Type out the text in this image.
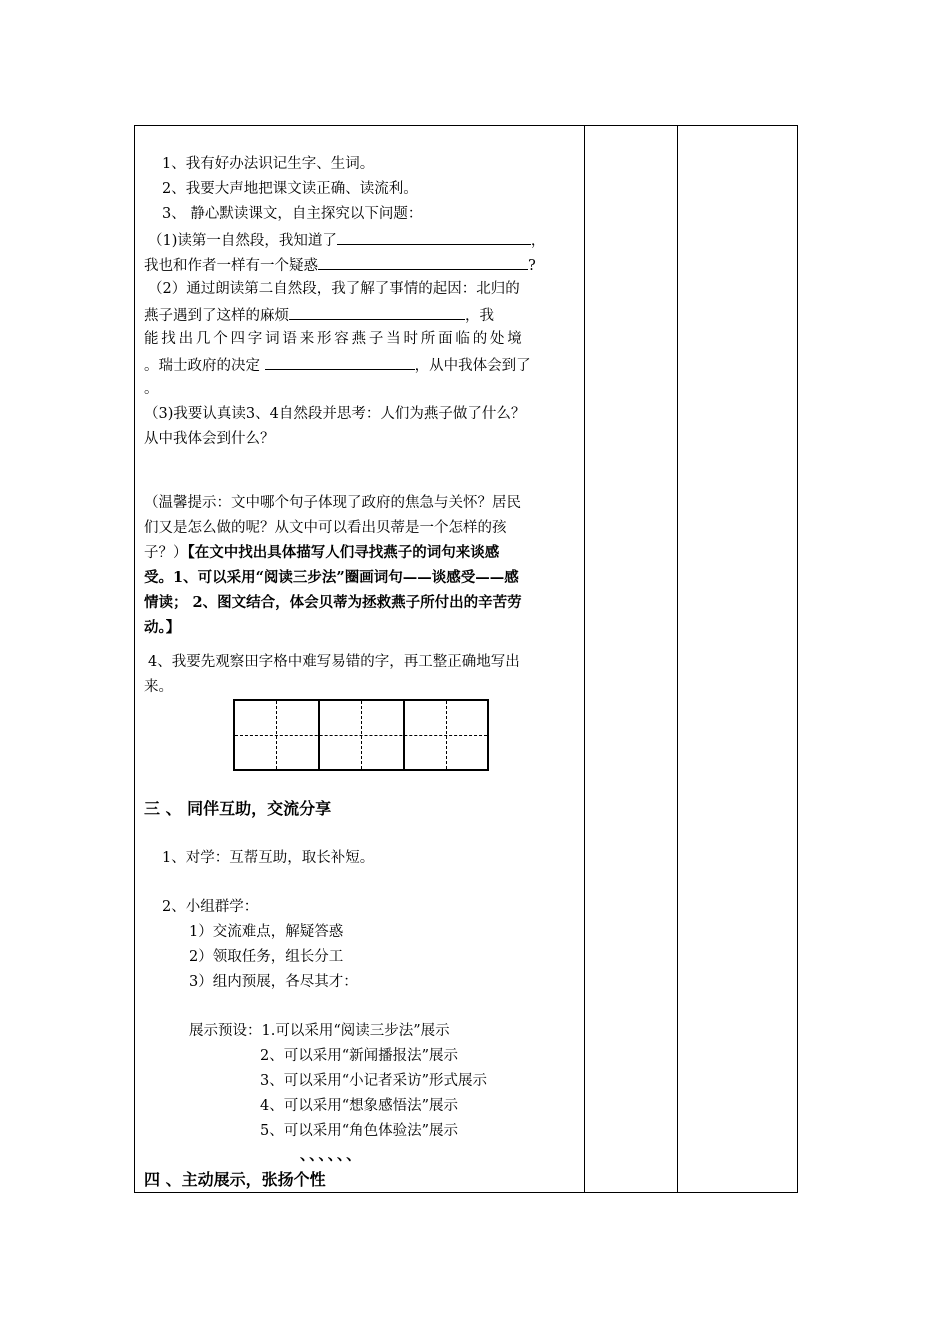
1、我有好办法识记生字、生词。
2、我要大声地把课文读正确、读流利。
3、 静心默读课文，自主探究以下问题：
（1)读第一自然段，我知道了	，
我也和作者一样有一个疑惑	?
（2）通过朗读第二自然段，我了解了事情的起因：北归的
燕子遇到了这样的麻烦	，我
能找出几个四字词语来形容燕子当时所面临的处境
。瑞士政府的决定	，从中我体会到了
。
（3)我要认真读3、4自然段并思考：人们为燕子做了什么？
从中我体会到什么？
（温馨提示：文中哪个句子体现了政府的焦急与关怀？居民
们又是怎么做的呢？从文中可以看出贝蒂是一个怎样的孩
子？）【在文中找出具体描写人们寻找燕子的词句来谈感
受。1、可以采用“阅读三步法”圈画词句——谈感受——感
情读； 2、图文结合，体会贝蒂为拯救燕子所付出的辛苦劳
动。】
4、我要先观察田字格中难写易错的字，再工整正确地写出
来。
三 、 同伴互助，交流分享
1、对学：互帮互助，取长补短。
2、小组群学：
1）交流难点，解疑答惑
2）领取任务，组长分工
3）组内预展，各尽其才：
展示预设：1.可以采用“阅读三步法”展示
2、可以采用“新闻播报法”展示
3、可以采用“小记者采访”形式展示
4、可以采用“想象感悟法”展示
5、可以采用“角色体验法”展示
、、、、、、
四 、主动展示，张扬个性
